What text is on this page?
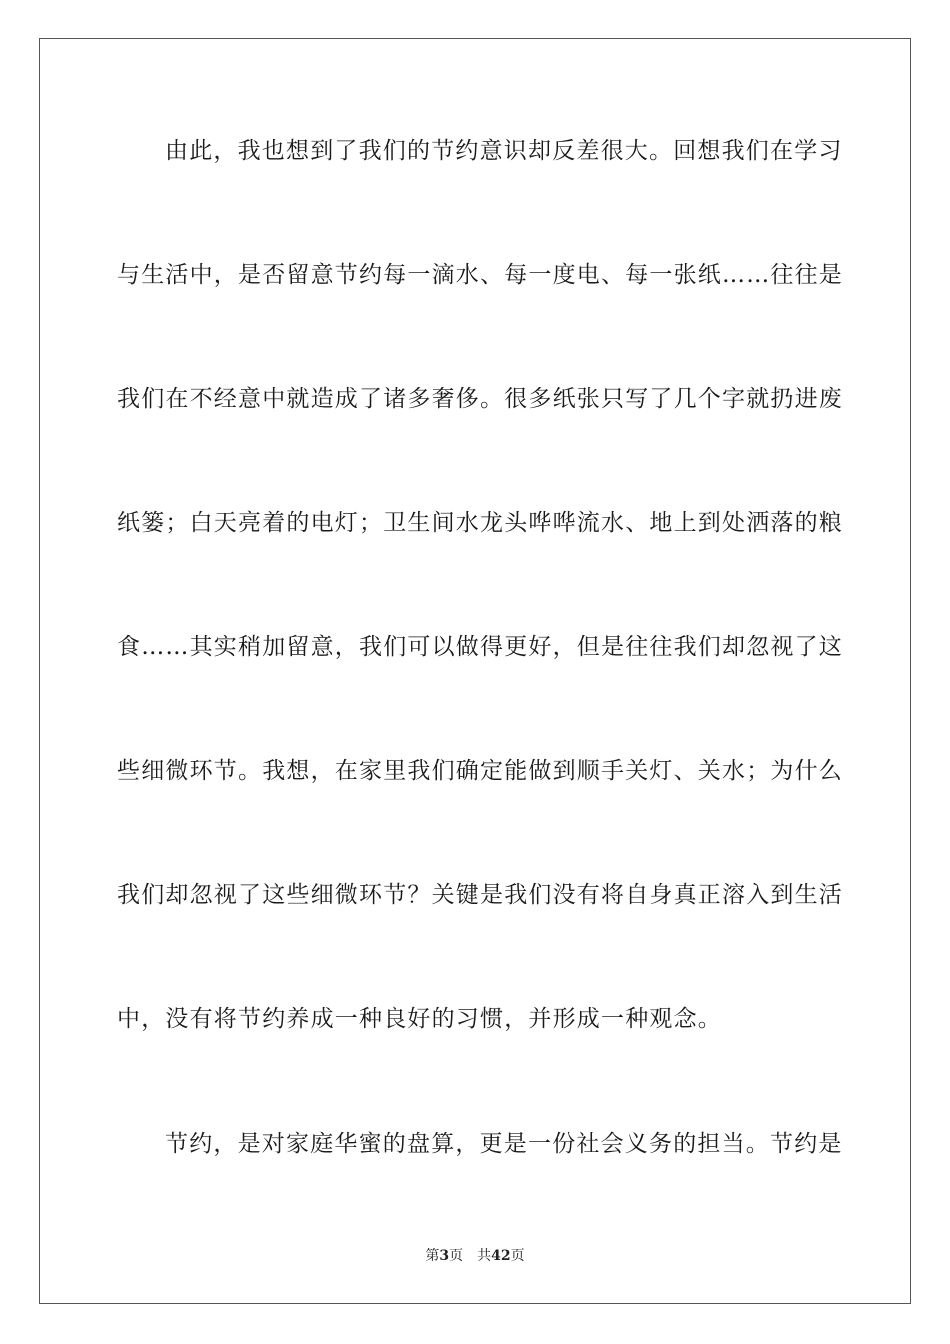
由此，我也想到了我们的节约意识却反差很大。回想我们在学习
与生活中，是否留意节约每一滴水、每一度电、每一张纸……往往是
我们在不经意中就造成了诸多奢侈。很多纸张只写了几个字就扔进废
纸篓；白天亮着的电灯；卫生间水龙头哗哗流水、地上到处洒落的粮
食……其实稍加留意，我们可以做得更好，但是往往我们却忽视了这
些细微环节。我想，在家里我们确定能做到顺手关灯、关水；为什么
我们却忽视了这些细微环节？关键是我们没有将自身真正溶入到生活
中，没有将节约养成一种良好的习惯，并形成一种观念。
节约，是对家庭华蜜的盘算，更是一份社会义务的担当。节约是
第3页 共42页
